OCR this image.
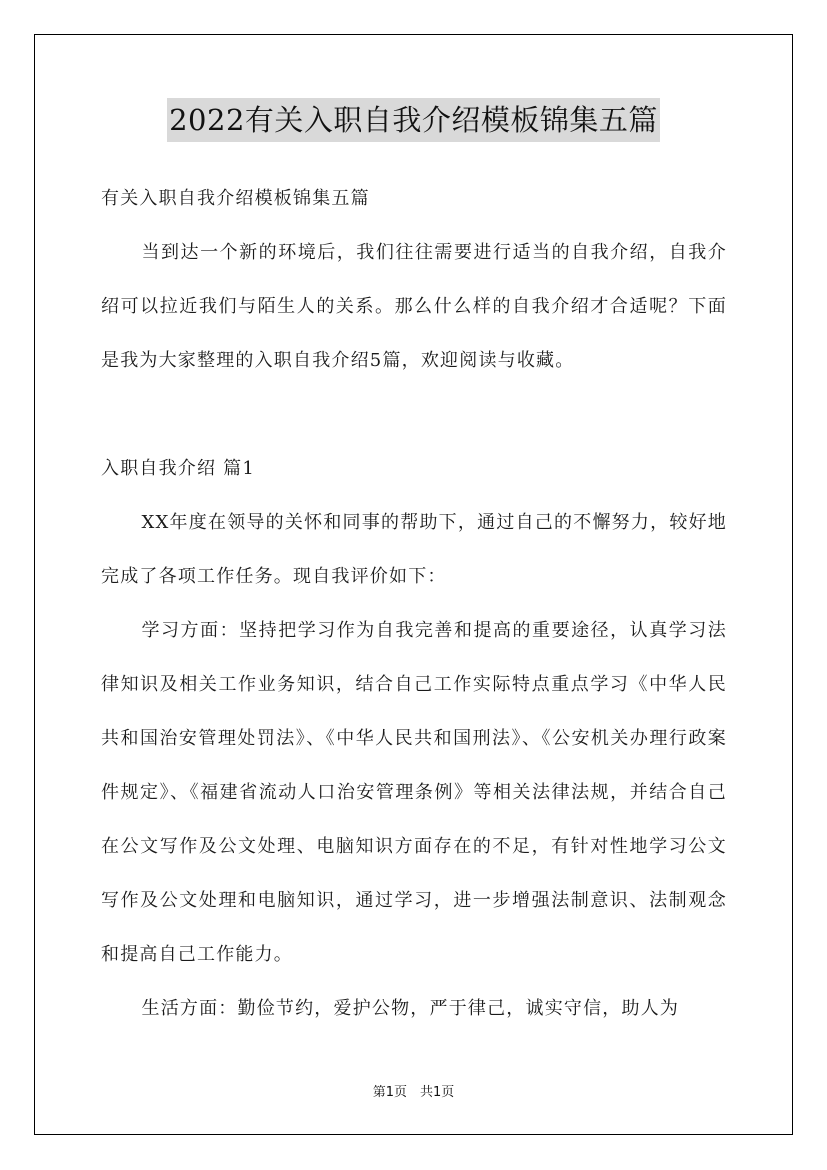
2022有关入职自我介绍模板锦集五篇
有关入职自我介绍模板锦集五篇
当到达一个新的环境后，我们往往需要进行适当的自我介绍，自我介绍可以拉近我们与陌生人的关系。那么什么样的自我介绍才合适呢？下面是我为大家整理的入职自我介绍5篇，欢迎阅读与收藏。
入职自我介绍 篇1
XX年度在领导的关怀和同事的帮助下，通过自己的不懈努力，较好地完成了各项工作任务。现自我评价如下：
学习方面：坚持把学习作为自我完善和提高的重要途径，认真学习法律知识及相关工作业务知识，结合自己工作实际特点重点学习《中华人民共和国治安管理处罚法》、《中华人民共和国刑法》、《公安机关办理行政案件规定》、《福建省流动人口治安管理条例》等相关法律法规，并结合自己在公文写作及公文处理、电脑知识方面存在的不足，有针对性地学习公文写作及公文处理和电脑知识，通过学习，进一步增强法制意识、法制观念和提高自己工作能力。
生活方面：勤俭节约，爱护公物，严于律己，诚实守信，助人为
第1页　共1页
